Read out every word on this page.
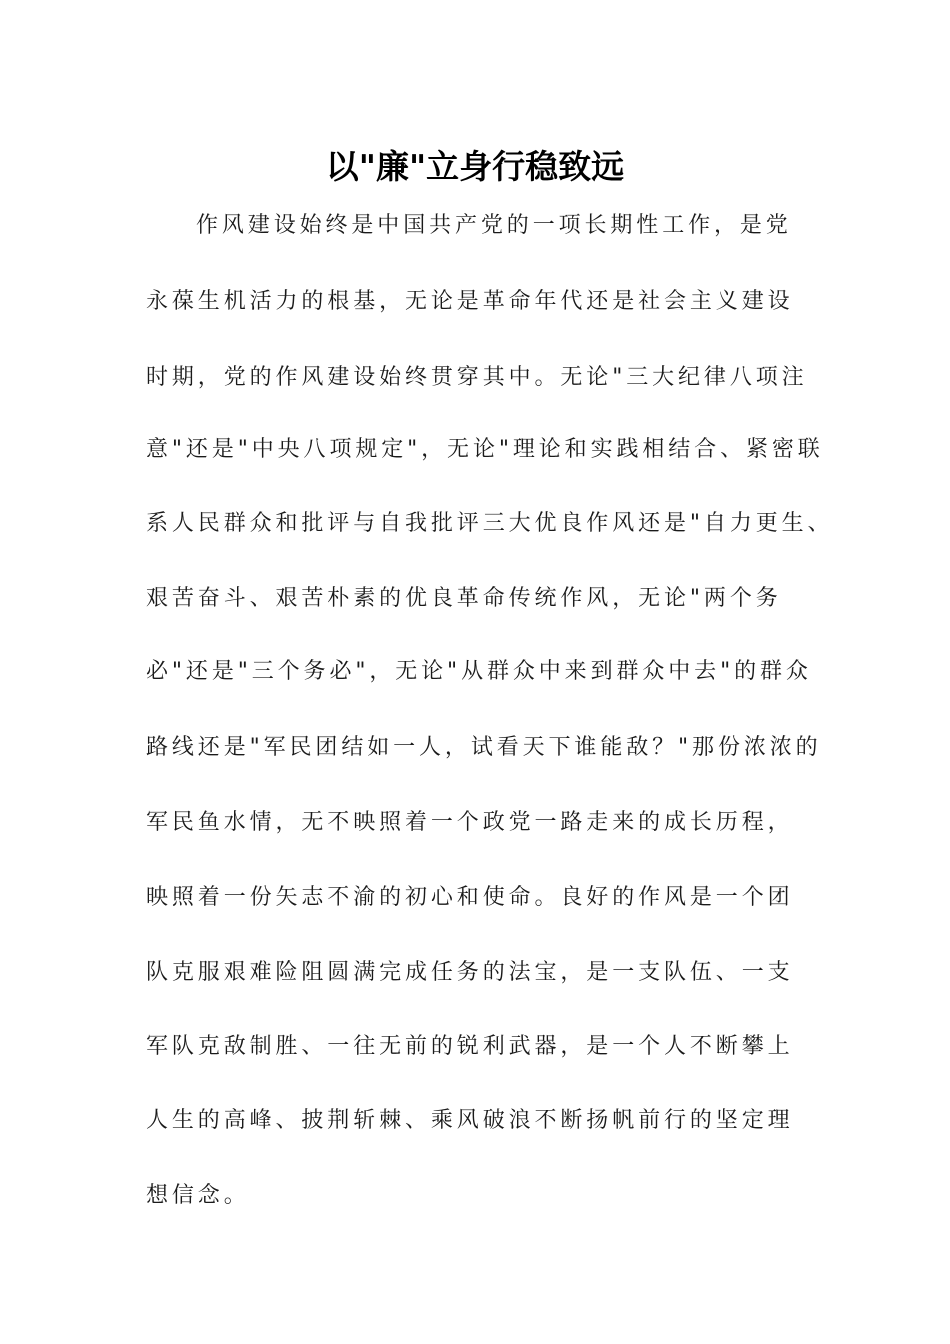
以"廉"立身行稳致远

作风建设始终是中国共产党的一项长期性工作，是党

永葆生机活力的根基，无论是革命年代还是社会主义建设

时期，党的作风建设始终贯穿其中。无论"三大纪律八项注

意"还是"中央八项规定"，无论"理论和实践相结合、紧密联

系人民群众和批评与自我批评三大优良作风还是"自力更生、

艰苦奋斗、艰苦朴素的优良革命传统作风，无论"两个务

必"还是"三个务必"，无论"从群众中来到群众中去"的群众

路线还是"军民团结如一人，试看天下谁能敌？"那份浓浓的

军民鱼水情，无不映照着一个政党一路走来的成长历程，

映照着一份矢志不渝的初心和使命。良好的作风是一个团

队克服艰难险阻圆满完成任务的法宝，是一支队伍、一支

军队克敌制胜、一往无前的锐利武器，是一个人不断攀上

人生的高峰、披荆斩棘、乘风破浪不断扬帆前行的坚定理

想信念。
